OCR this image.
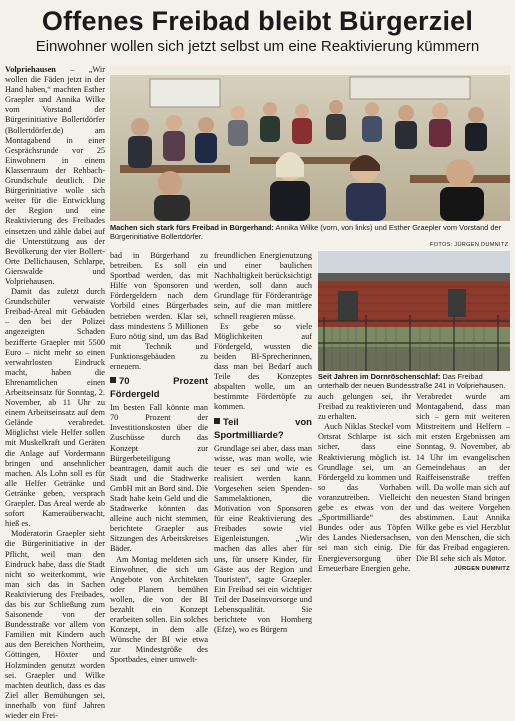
Offenes Freibad bleibt Bürgerziel
Einwohner wollen sich jetzt selbst um eine Reaktivierung kümmern

Volpriehausen – „Wir wollen die Fäden jetzt in der Hand haben,“ machten Esther Graepler und Annika Wilke vom Vorstand der Bürgerinitiative Bollertdörfer (Bollertdörfer.de) am Montagabend in einer Gesprächsrunde vor 25 Einwohnern in einem Klassenraum der Rehbach-Grundschule deutlich. Die Bürgerinitiative wolle sich weiter für die Entwicklung der Region und eine Reaktivierung des Freibades einsetzen und zähle dabei auf die Unterstützung aus der Bevölkerung der vier Bollert-Orte Dellichausen, Schlarpe, Gierswalde und Volpriehausen.

Damit das zuletzt durch Grundschüler verwaiste Freibad-Areal mit Gebäuden – den bei der Polizei angezeigten Schaden bezifferte Graepler mit 5500 Euro – nicht mehr so einen verwahrlosten Eindruck macht, haben die Ehrenamtlichen einen Arbeitseinsatz für Sonntag, 2. November, ab 11 Uhr zu einem Arbeitseinsatz auf dem Gelände verabredet. Möglichst viele Helfer sollen mit Muskelkraft und Geräten die Anlage auf Vordermann bringen und ansehnlicher machen. Als Lohn soll es für alle Helfer Getränke und Getränke geben, versprach Graepler. Das Areal werde ab sofort Kameraüberwacht, hieß es.

Moderatorin Graepler sieht die Bürgerinitiative in der Pflicht, weil man den Eindruck habe, dass die Stadt nicht so weiterkommt, wie man sich das in Sachen Reaktivierung des Freibades, das bis zur Schließung zum Saisonende von der Bundesstraße vor allem von Familien mit Kindern auch aus den Bereichen Northeim, Göttingen, Höxter und Holzminden genutzt worden sei. Graepler und Wilke machten deutlich, dass es das Ziel aller Bemühungen sei, innerhalb von fünf Jahren wieder ein Frei-

Machen sich stark fürs Freibad in Bürgerhand: Annika Wilke (vorn, von links) und Esther Graepler vom Vorstand der Bürgerinitiative Bollertdörfer.
FOTOS: JÜRGEN DUMNITZ

bad in Bürgerhand zu betreiben. Es soll ein Sportbad werden, das mit Hilfe von Sponsoren und Fördergeldern nach dem Vorbild eines Bürgerbades betrieben werden. Klar sei, dass mindestens 5 Millionen Euro nötig sind, um das Bad mit Technik und Funktionsgebäuden zu erneuern.

70 Prozent Fördergeld

Im besten Fall könnte man 70 Prozent der Investitionskosten über die Zuschüsse durch das Konzept zur Bürgerbeteiligung beantragen, damit auch die Stadt und die Stadtwerke GmbH mit an Bord sind. Die Stadt habe kein Geld und die Stadtwerke könnten das alleine auch nicht stemmen, berichtete Graepler aus Sitzungen des Arbeitskreises Bäder.

Am Montag meldeten sich Einwohner, die sich um Angebote von Architekten oder Planern bemühen wollen, die von der BI bezahlt ein Konzept erarbeiten sollen. Ein solches Konzept, in dem alle Wünsche der BI wie etwa zur Mindestgröße des Sportbades, einer umwelt-

freundlichen Energienutzung und einer baulichen Nachhaltigkeit berücksichtigt werden, soll dann auch Grundlage für Förderanträge sein, auf die man mittlere schnell reagieren müsse.

Es gebe so viele Möglichkeiten auf Fördergeld, wussten die beiden BI-Sprecherinnen, dass man bei Bedarf auch Teile des Konzeptes abspalten wolle, um an bestimmte Fördertöpfe zu kommen.

Teil von Sportmilliarde?

Grundlage sei aber, dass man wisse, was man wolle, wie teuer es sei und wie es realisiert werden kann. Vorgesehen seien Spenden-Sammelaktionen, die Motivation von Sponsoren für eine Reaktivierung des Freibades sowie viel Eigenleistungen. „Wir machen das alles aber für uns, für unsere Kinder, für Gäste aus der Region und Touristen“, sagte Graepler. Ein Freibad sei ein wichtiger Teil der Daseinsvorsorge und Lebensqualität. Sie berichtete von Homberg (Efze), wo es Bürgern

Seit Jahren im Dornröschenschlaf: Das Freibad unterhalb der neuen Bundesstraße 241 in Volpriehausen.

auch gelungen sei, ihr Freibad zu reaktivieren und zu erhalten.

Auch Niklas Steckel vom Ortsrat Schlarpe ist sich sicher, dass eine Reaktivierung möglich ist. Grundlage sei, um an Fördergeld zu kommen und so das Vorhaben voranzutreiben. Vielleicht gebe es etwas von der „Sportmilliarde“ des Bundes oder aus Töpfen des Landes Niedersachsen, sei man sich einig. Die Energieversorgung über Erneuerbare Energien gehe.

Verabredet wurde am Montagabend, dass man sich – gern mit weiteren Mitstreitern und Helfern – mit ersten Ergebnissen am Sonntag, 9. November, ab 14 Uhr im evangelischen Gemeindehaus an der Raiffeisenstraße treffen will. Da wolle man sich auf den neuesten Stand bringen und das weitere Vorgehen abstimmen. Laut Annika Wilke gebe es viel Herzblut von den Menschen, die sich für das Freibad engagieren. Die BI sehe sich als Motor.

JÜRGEN DUMNITZ
